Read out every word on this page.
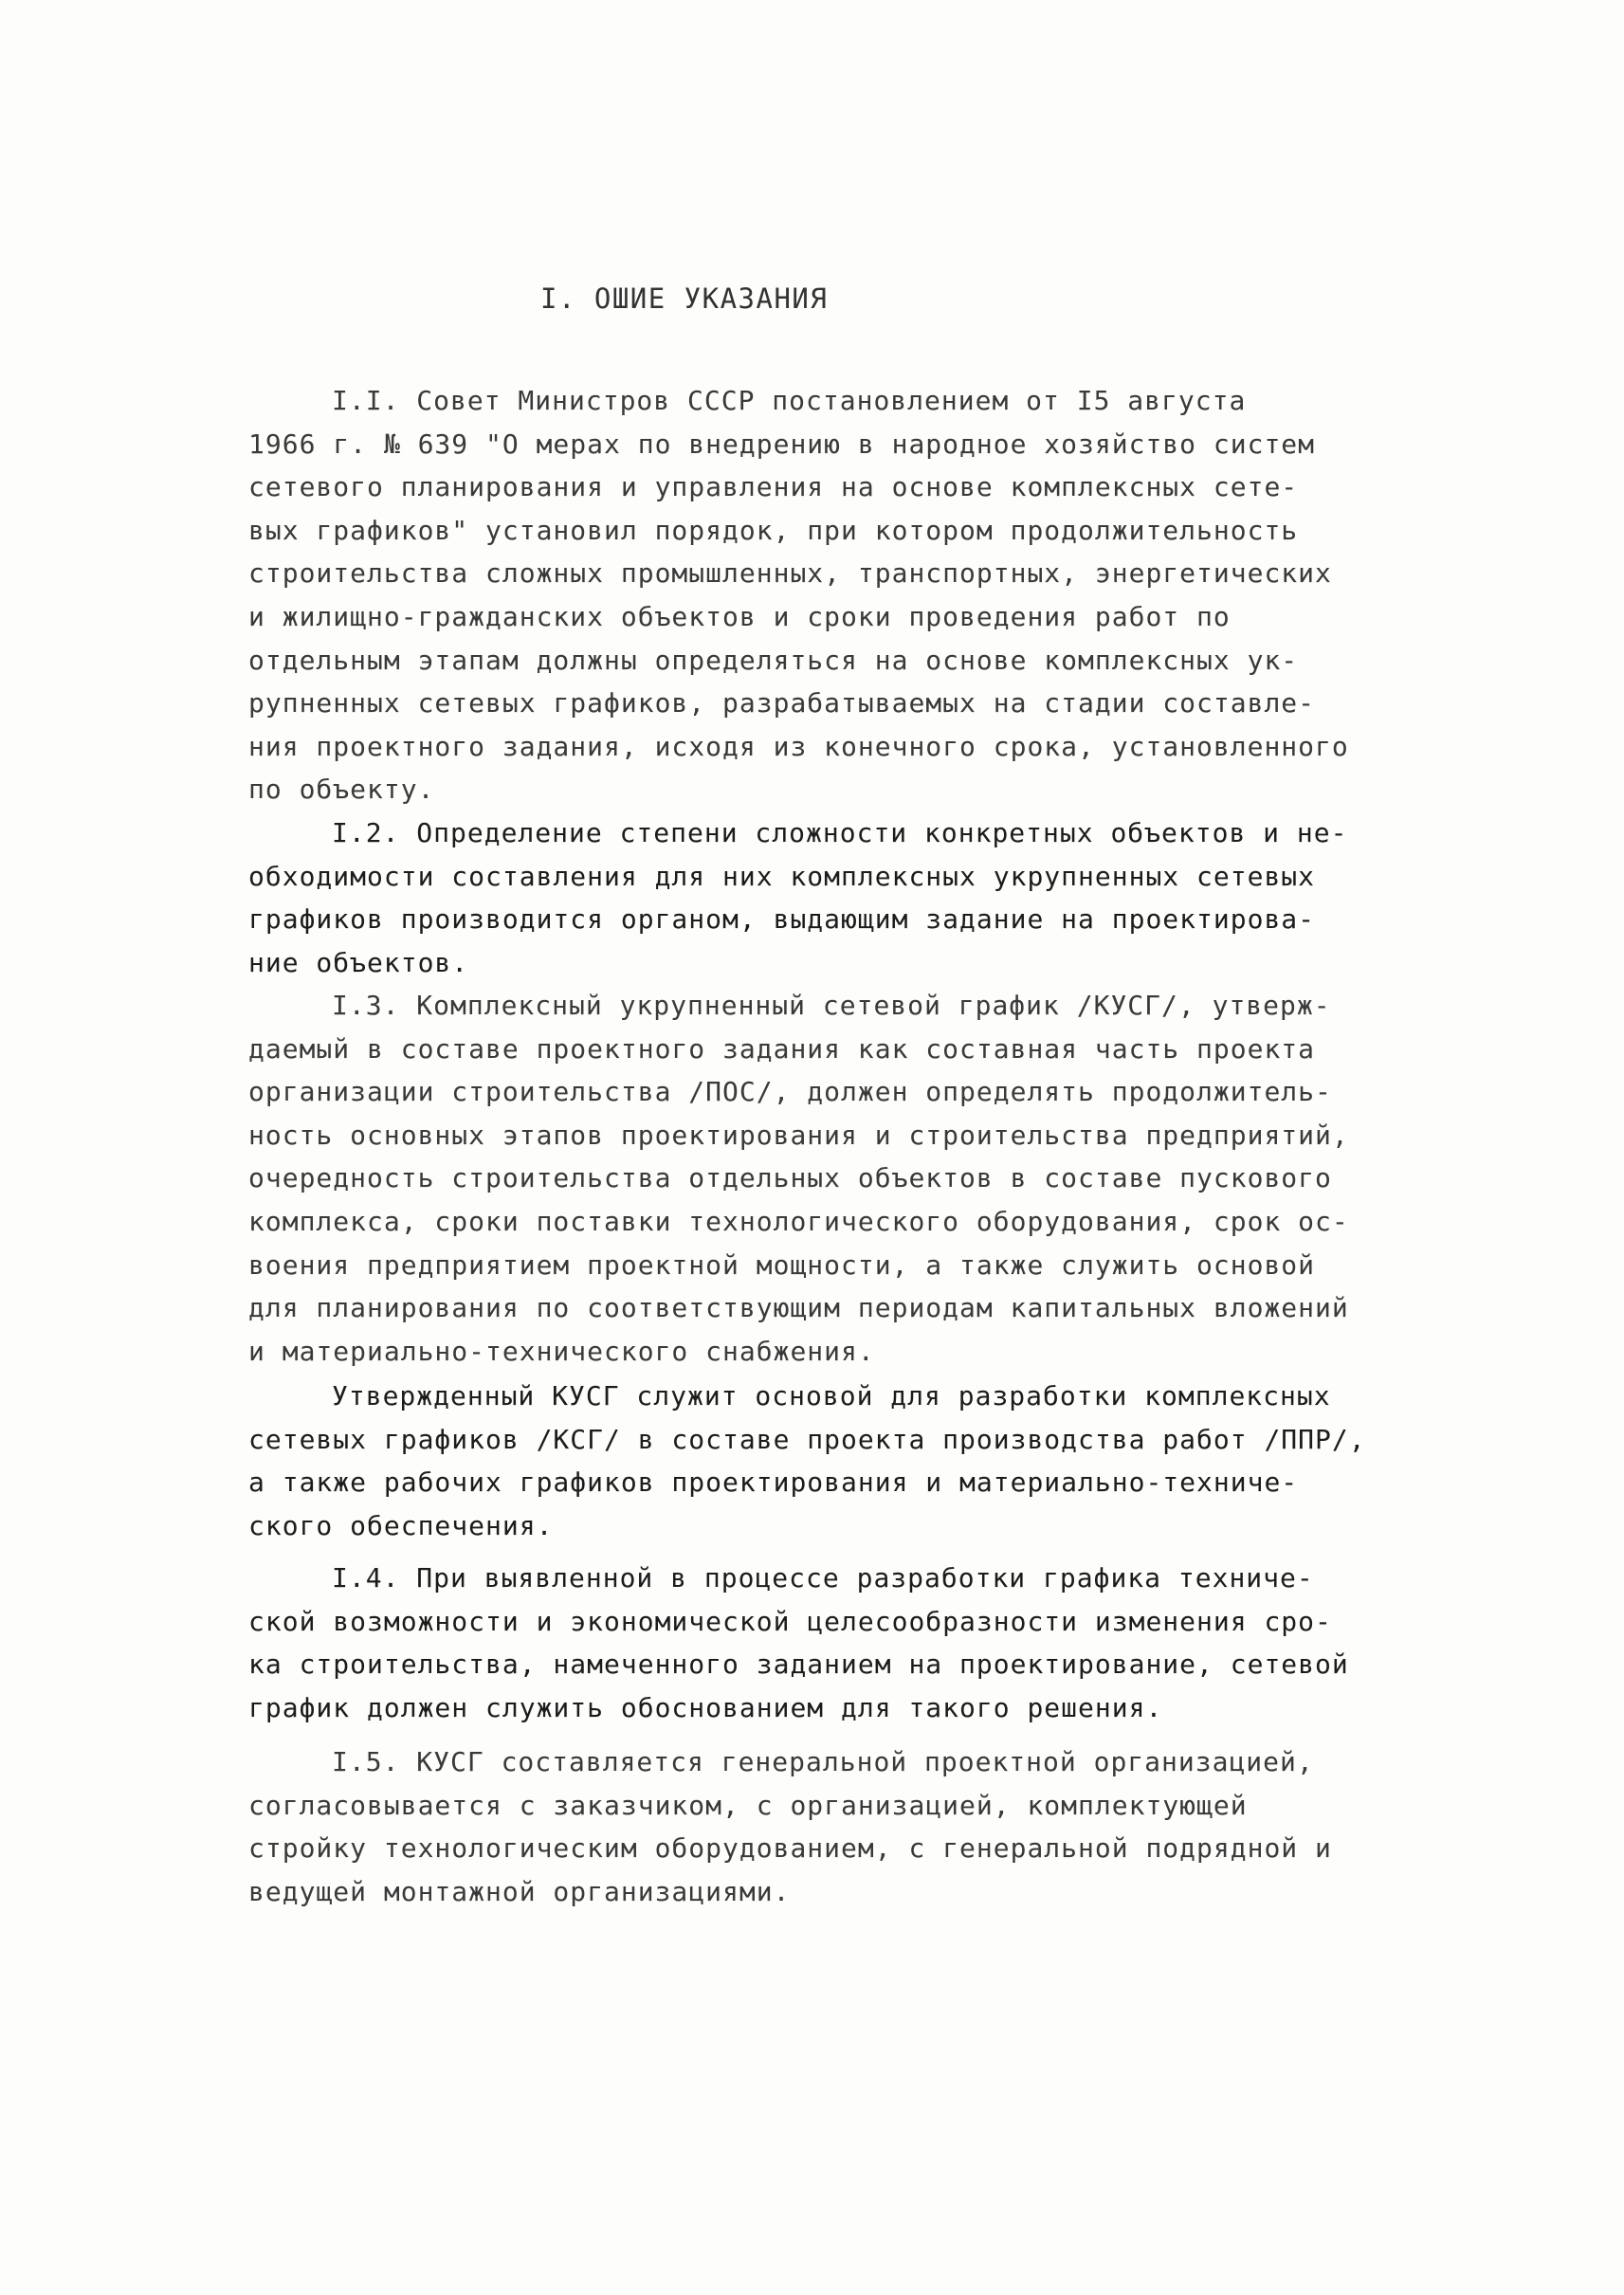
I. ОШИЕ УКАЗАНИЯ
I.I. Совет Министров СССР постановлением от I5 августа
1966 г. № 639 "О мерах по внедрению в народное хозяйство систем
сетевого планирования и управления на основе комплексных сете-
вых графиков" установил порядок, при котором продолжительность
строительства сложных промышленных, транспортных, энергетических
и жилищно-гражданских объектов и сроки проведения работ по
отдельным этапам должны определяться на основе комплексных ук-
рупненных сетевых графиков, разрабатываемых на стадии составле-
ния проектного задания, исходя из конечного срока, установленного
по объекту.
I.2. Определение степени сложности конкретных объектов и не-
обходимости составления для них комплексных укрупненных сетевых
графиков производится органом, выдающим задание на проектирова-
ние объектов.
I.3. Комплексный укрупненный сетевой график /КУСГ/, утверж-
даемый в составе проектного задания как составная часть проекта
организации строительства /ПОС/, должен определять продолжитель-
ность основных этапов проектирования и строительства предприятий,
очередность строительства отдельных объектов в составе пускового
комплекса, сроки поставки технологического оборудования, срок ос-
воения предприятием проектной мощности, а также служить основой
для планирования по соответствующим периодам капитальных вложений
и материально-технического снабжения.
Утвержденный КУСГ служит основой для разработки комплексных
сетевых графиков /КСГ/ в составе проекта производства работ /ППР/,
а также рабочих графиков проектирования и материально-техниче-
ского обеспечения.
I.4. При выявленной в процессе разработки графика техниче-
ской возможности и экономической целесообразности изменения сро-
ка строительства, намеченного заданием на проектирование, сетевой
график должен служить обоснованием для такого решения.
I.5. КУСГ составляется генеральной проектной организацией,
согласовывается с заказчиком, с организацией, комплектующей
стройку технологическим оборудованием, с генеральной подрядной и
ведущей монтажной организациями.
